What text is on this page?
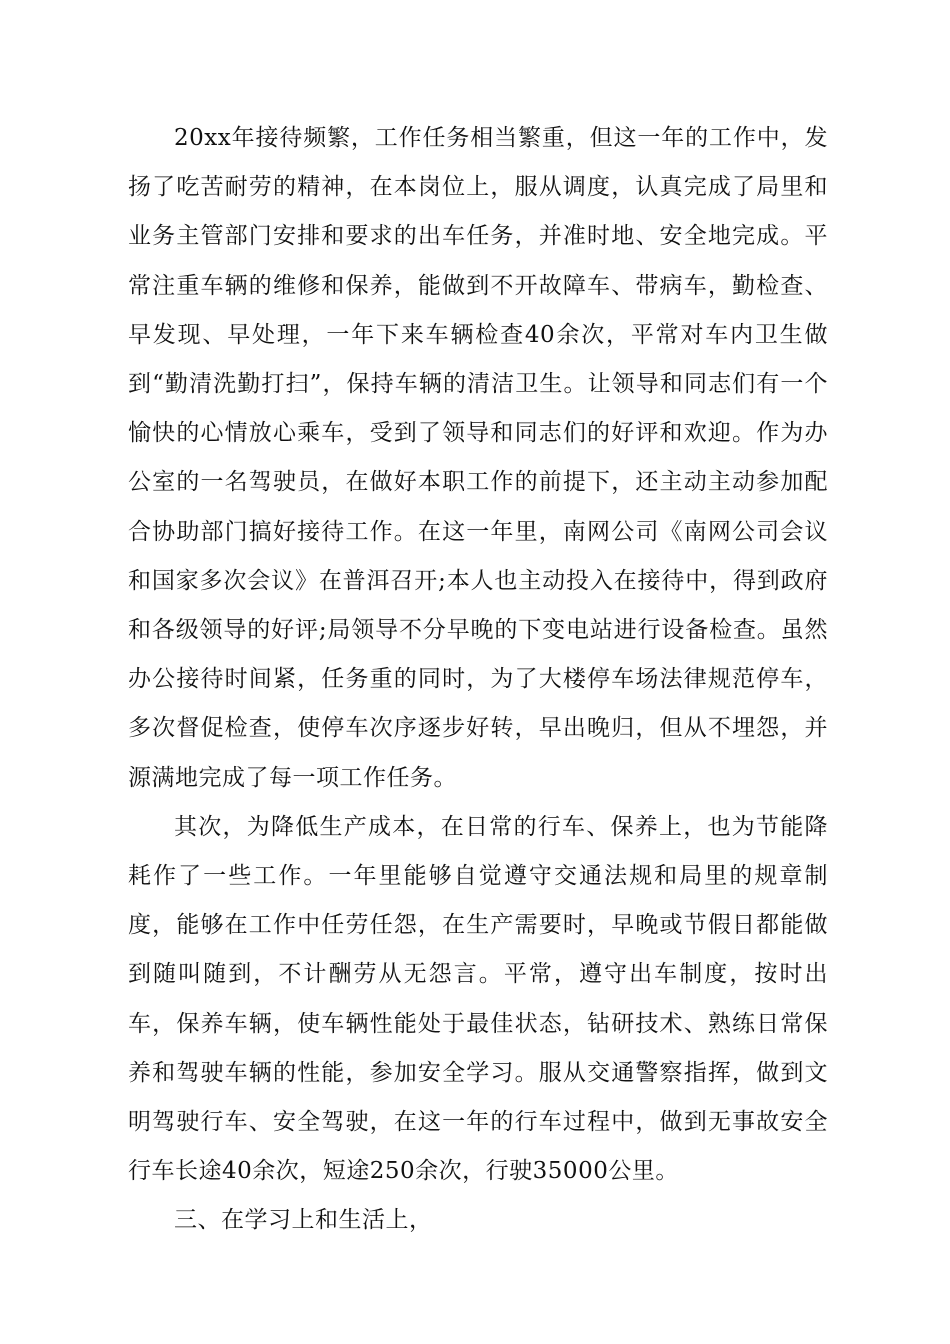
20xx年接待频繁，工作任务相当繁重，但这一年的工作中，发扬了吃苦耐劳的精神，在本岗位上，服从调度，认真完成了局里和业务主管部门安排和要求的出车任务，并准时地、安全地完成。平常注重车辆的维修和保养，能做到不开故障车、带病车，勤检查、早发现、早处理，一年下来车辆检查40余次，平常对车内卫生做到“勤清洗勤打扫”，保持车辆的清洁卫生。让领导和同志们有一个愉快的心情放心乘车，受到了领导和同志们的好评和欢迎。作为办公室的一名驾驶员，在做好本职工作的前提下，还主动主动参加配合协助部门搞好接待工作。在这一年里，南网公司《南网公司会议和国家多次会议》在普洱召开;本人也主动投入在接待中，得到政府和各级领导的好评;局领导不分早晚的下变电站进行设备检查。虽然办公接待时间紧，任务重的同时，为了大楼停车场法律规范停车，多次督促检查，使停车次序逐步好转，早出晚归，但从不埋怨，并源满地完成了每一项工作任务。

其次，为降低生产成本，在日常的行车、保养上，也为节能降耗作了一些工作。一年里能够自觉遵守交通法规和局里的规章制度，能够在工作中任劳任怨，在生产需要时，早晚或节假日都能做到随叫随到，不计酬劳从无怨言。平常，遵守出车制度，按时出车，保养车辆，使车辆性能处于最佳状态，钻研技术、熟练日常保养和驾驶车辆的性能，参加安全学习。服从交通警察指挥，做到文明驾驶行车、安全驾驶，在这一年的行车过程中，做到无事故安全行车长途40余次，短途250余次，行驶35000公里。

三、在学习上和生活上，
